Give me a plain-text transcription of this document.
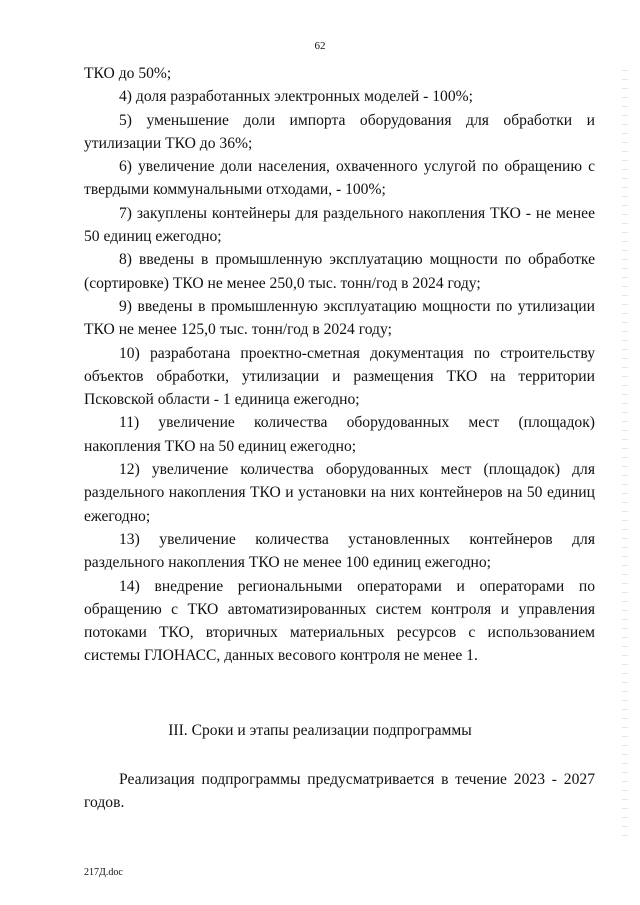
62

ТКО до 50%;

4) доля разработанных электронных моделей - 100%;

5) уменьшение доли импорта оборудования для обработки и утилизации ТКО до 36%;

6) увеличение доли населения, охваченного услугой по обращению с твердыми коммунальными отходами, - 100%;

7) закуплены контейнеры для раздельного накопления ТКО - не менее 50 единиц ежегодно;

8) введены в промышленную эксплуатацию мощности по обработке (сортировке) ТКО не менее 250,0 тыс. тонн/год в 2024 году;

9) введены в промышленную эксплуатацию мощности по утилизации ТКО не менее 125,0 тыс. тонн/год в 2024 году;

10) разработана проектно-сметная документация по строительству объектов обработки, утилизации и размещения ТКО на территории Псковской области - 1 единица ежегодно;

11) увеличение количества оборудованных мест (площадок) накопления ТКО на 50 единиц ежегодно;

12) увеличение количества оборудованных мест (площадок) для раздельного накопления ТКО и установки на них контейнеров на 50 единиц ежегодно;

13) увеличение количества установленных контейнеров для раздельного накопления ТКО не менее 100 единиц ежегодно;

14) внедрение региональными операторами и операторами по обращению с ТКО автоматизированных систем контроля и управления потоками ТКО, вторичных материальных ресурсов с использованием системы ГЛОНАСС, данных весового контроля не менее 1.

III. Сроки и этапы реализации подпрограммы

Реализация подпрограммы предусматривается в течение 2023 - 2027 годов.

217Д.doc
